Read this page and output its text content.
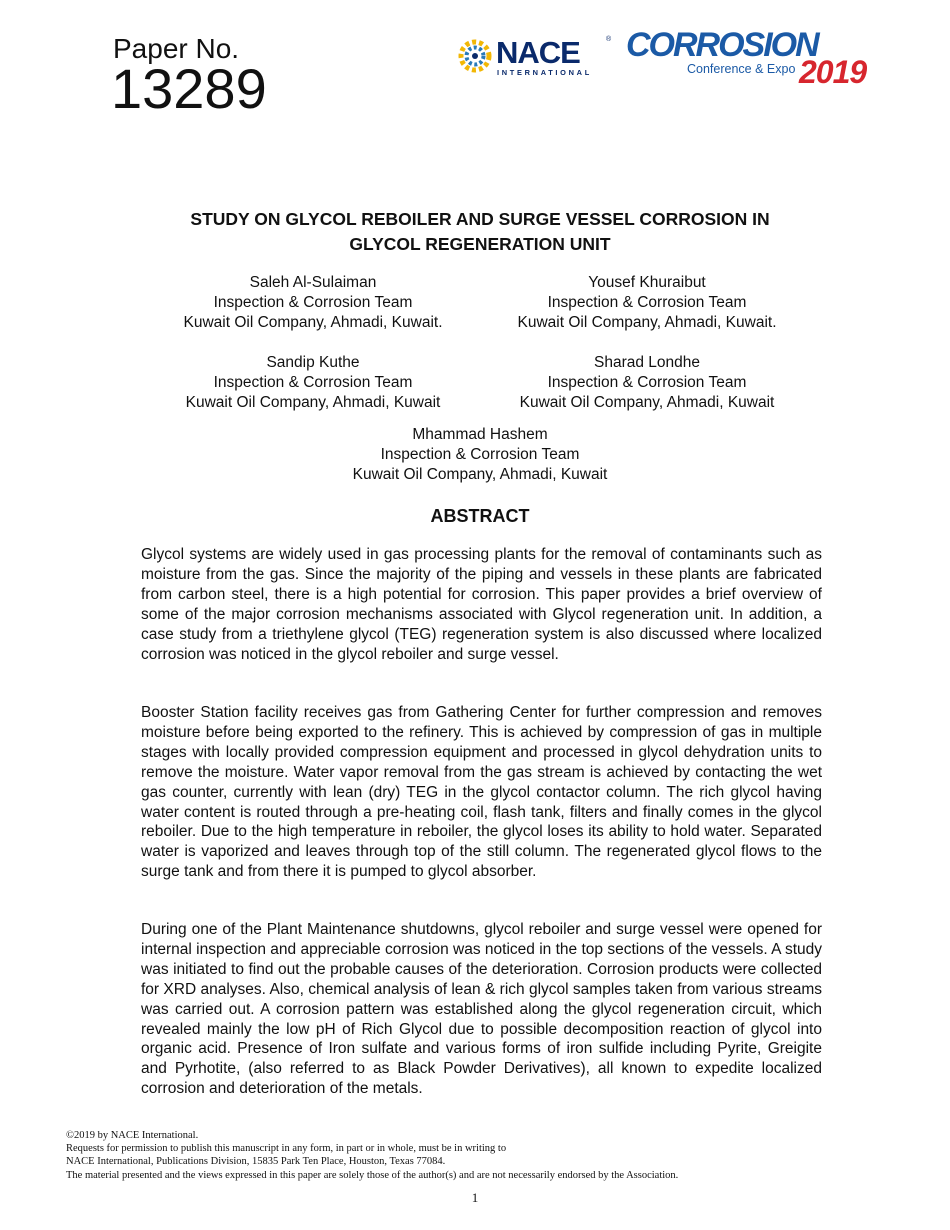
Paper No.
13289
NACE	®
INTERNATIONAL
CORROSION
Conference & Expo 2019
STUDY ON GLYCOL REBOILER AND SURGE VESSEL CORROSION IN
GLYCOL REGENERATION UNIT
Saleh Al-Sulaiman
Inspection & Corrosion Team
Kuwait Oil Company, Ahmadi, Kuwait.
Yousef Khuraibut
Inspection & Corrosion Team
Kuwait Oil Company, Ahmadi, Kuwait.
Sandip Kuthe
Inspection & Corrosion Team
Kuwait Oil Company, Ahmadi, Kuwait
Sharad Londhe
Inspection & Corrosion Team
Kuwait Oil Company, Ahmadi, Kuwait
Mhammad Hashem
Inspection & Corrosion Team
Kuwait Oil Company, Ahmadi, Kuwait
ABSTRACT

Glycol systems are widely used in gas processing plants for the removal of contaminants such as moisture from the gas. Since the majority of the piping and vessels in these plants are fabricated from carbon steel, there is a high potential for corrosion. This paper provides a brief overview of some of the major corrosion mechanisms associated with Glycol regeneration unit. In addition, a case study from a triethylene glycol (TEG) regeneration system is also discussed where localized corrosion was noticed in the glycol reboiler and surge vessel.

Booster Station facility receives gas from Gathering Center for further compression and removes moisture before being exported to the refinery. This is achieved by compression of gas in multiple stages with locally provided compression equipment and processed in glycol dehydration units to remove the moisture. Water vapor removal from the gas stream is achieved by contacting the wet gas counter, currently with lean (dry) TEG in the glycol contactor column. The rich glycol having water content is routed through a pre-heating coil, flash tank, filters and finally comes in the glycol reboiler. Due to the high temperature in reboiler, the glycol loses its ability to hold water. Separated water is vaporized and leaves through top of the still column. The regenerated glycol flows to the surge tank and from there it is pumped to glycol absorber.

During one of the Plant Maintenance shutdowns, glycol reboiler and surge vessel were opened for internal inspection and appreciable corrosion was noticed in the top sections of the vessels. A study was initiated to find out the probable causes of the deterioration. Corrosion products were collected for XRD analyses. Also, chemical analysis of lean & rich glycol samples taken from various streams was carried out. A corrosion pattern was established along the glycol regeneration circuit, which revealed mainly the low pH of Rich Glycol due to possible decomposition reaction of glycol into organic acid. Presence of Iron sulfate and various forms of iron sulfide including Pyrite, Greigite and Pyrhotite, (also referred to as Black Powder Derivatives), all known to expedite localized corrosion and deterioration of the metals.

©2019 by NACE International.
Requests for permission to publish this manuscript in any form, in part or in whole, must be in writing to
NACE International, Publications Division, 15835 Park Ten Place, Houston, Texas 77084.
The material presented and the views expressed in this paper are solely those of the author(s) and are not necessarily endorsed by the Association.
1
